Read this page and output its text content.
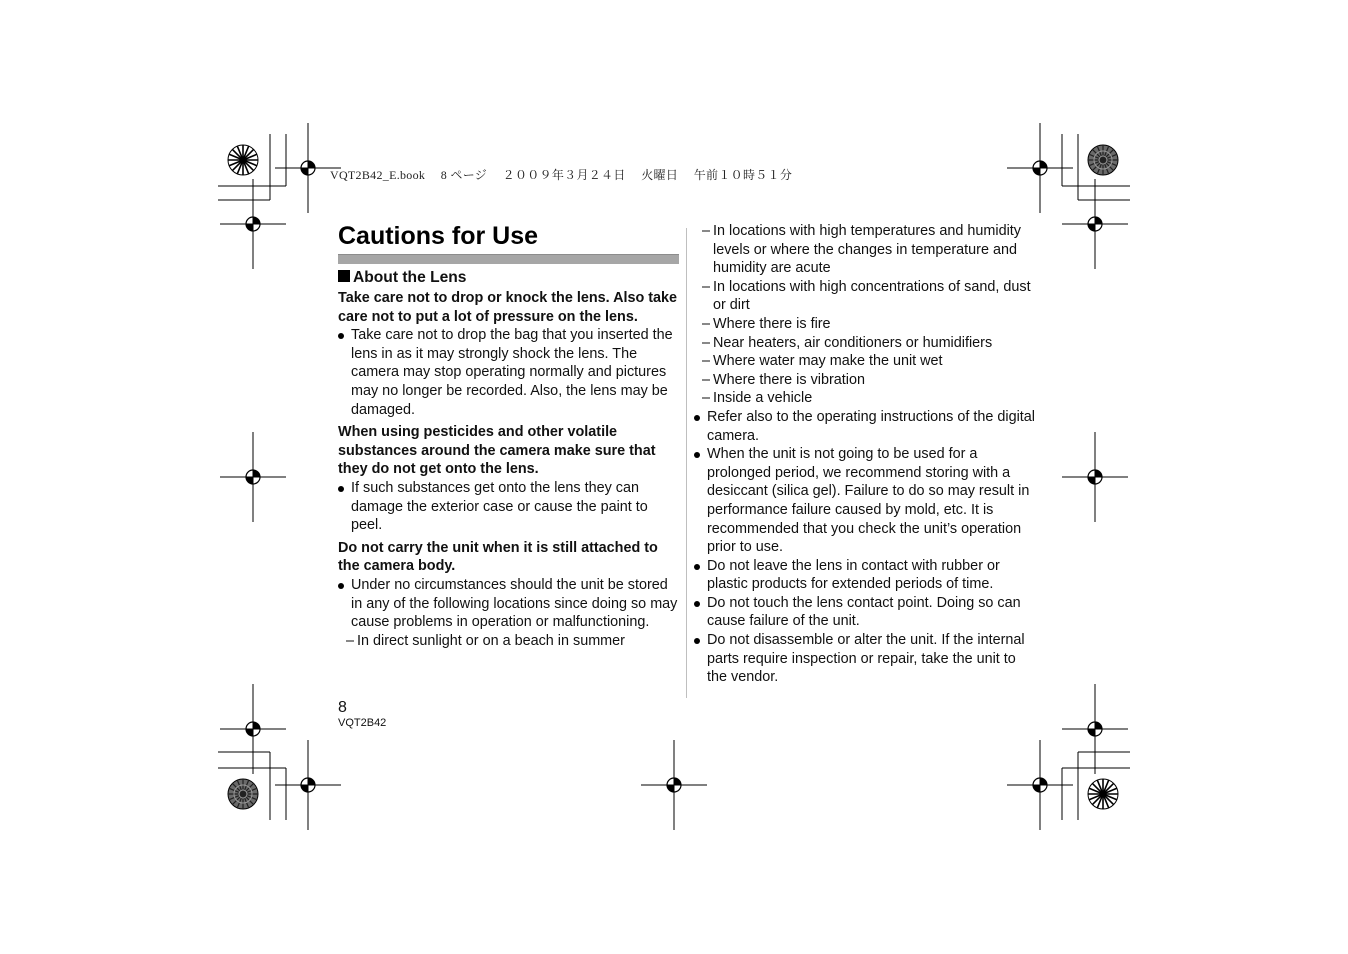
VQT2B42_E.book　 8 ページ　 ２００９年３月２４日　 火曜日　 午前１０時５１分
Cautions for Use
About the Lens

Take care not to drop or knock the lens. Also take care not to put a lot of pressure on the lens.

Take care not to drop the bag that you inserted the lens in as it may strongly shock the lens. The camera may stop operating normally and pictures may no longer be recorded. Also, the lens may be damaged.

When using pesticides and other volatile substances around the camera make sure that they do not get onto the lens.

If such substances get onto the lens they can damage the exterior case or cause the paint to peel.

Do not carry the unit when it is still attached to the camera body.

Under no circumstances should the unit be stored in any of the following locations since doing so may cause problems in operation or malfunctioning.

– In direct sunlight or on a beach in summer

– In locations with high temperatures and humidity levels or where the changes in temperature and humidity are acute

– In locations with high concentrations of sand, dust or dirt

– Where there is fire

– Near heaters, air conditioners or humidifiers

– Where water may make the unit wet

– Where there is vibration

– Inside a vehicle

Refer also to the operating instructions of the digital camera.

When the unit is not going to be used for a prolonged period, we recommend storing with a desiccant (silica gel). Failure to do so may result in performance failure caused by mold, etc. It is recommended that you check the unit’s operation prior to use.

Do not leave the lens in contact with rubber or plastic products for extended periods of time.

Do not touch the lens contact point. Doing so can cause failure of the unit.

Do not disassemble or alter the unit. If the internal parts require inspection or repair, take the unit to the vendor.

8
VQT2B42
